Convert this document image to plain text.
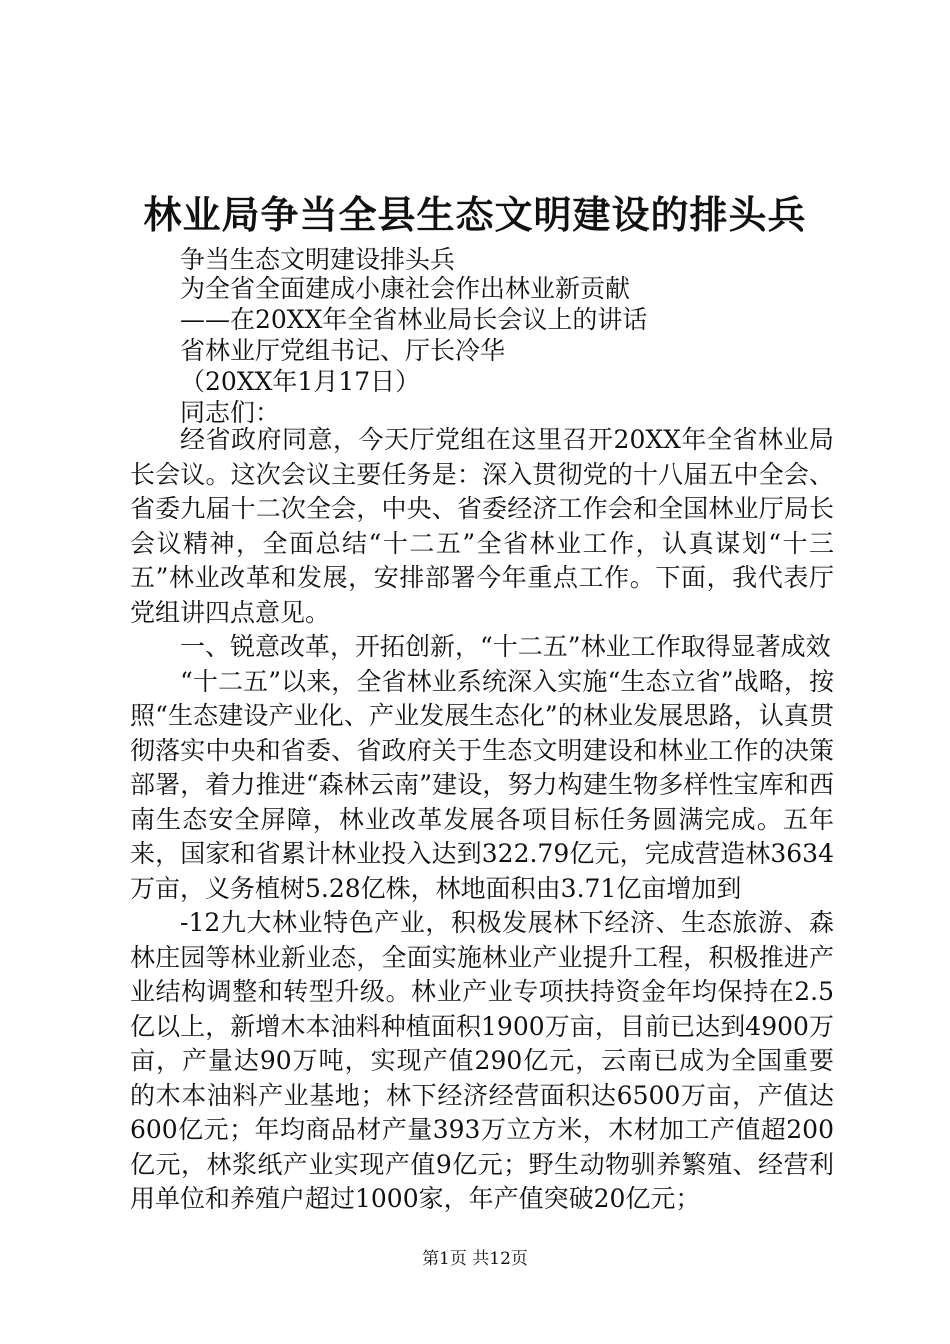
林业局争当全县生态文明建设的排头兵

争当生态文明建设排头兵

为全省全面建成小康社会作出林业新贡献

——在20XX年全省林业局长会议上的讲话

省林业厅党组书记、厅长冷华

（20XX年1月17日）

同志们：

经省政府同意，今天厅党组在这里召开20XX年全省林业局长会议。这次会议主要任务是：深入贯彻党的十八届五中全会、省委九届十二次全会，中央、省委经济工作会和全国林业厅局长会议精神，全面总结“十二五”全省林业工作，认真谋划“十三五”林业改革和发展，安排部署今年重点工作。下面，我代表厅党组讲四点意见。

一、锐意改革，开拓创新，“十二五”林业工作取得显著成效

“十二五”以来，全省林业系统深入实施“生态立省”战略，按照“生态建设产业化、产业发展生态化”的林业发展思路，认真贯彻落实中央和省委、省政府关于生态文明建设和林业工作的决策部署，着力推进“森林云南”建设，努力构建生物多样性宝库和西南生态安全屏障，林业改革发展各项目标任务圆满完成。五年来，国家和省累计林业投入达到322.79亿元，完成营造林3634万亩，义务植树5.28亿株，林地面积由3.71亿亩增加到

-12九大林业特色产业，积极发展林下经济、生态旅游、森林庄园等林业新业态，全面实施林业产业提升工程，积极推进产业结构调整和转型升级。林业产业专项扶持资金年均保持在2.5亿以上，新增木本油料种植面积1900万亩，目前已达到4900万亩，产量达90万吨，实现产值290亿元，云南已成为全国重要的木本油料产业基地；林下经济经营面积达6500万亩，产值达600亿元；年均商品材产量393万立方米，木材加工产值超200亿元，林浆纸产业实现产值9亿元；野生动物驯养繁殖、经营利用单位和养殖户超过1000家，年产值突破20亿元；

第1页 共12页
